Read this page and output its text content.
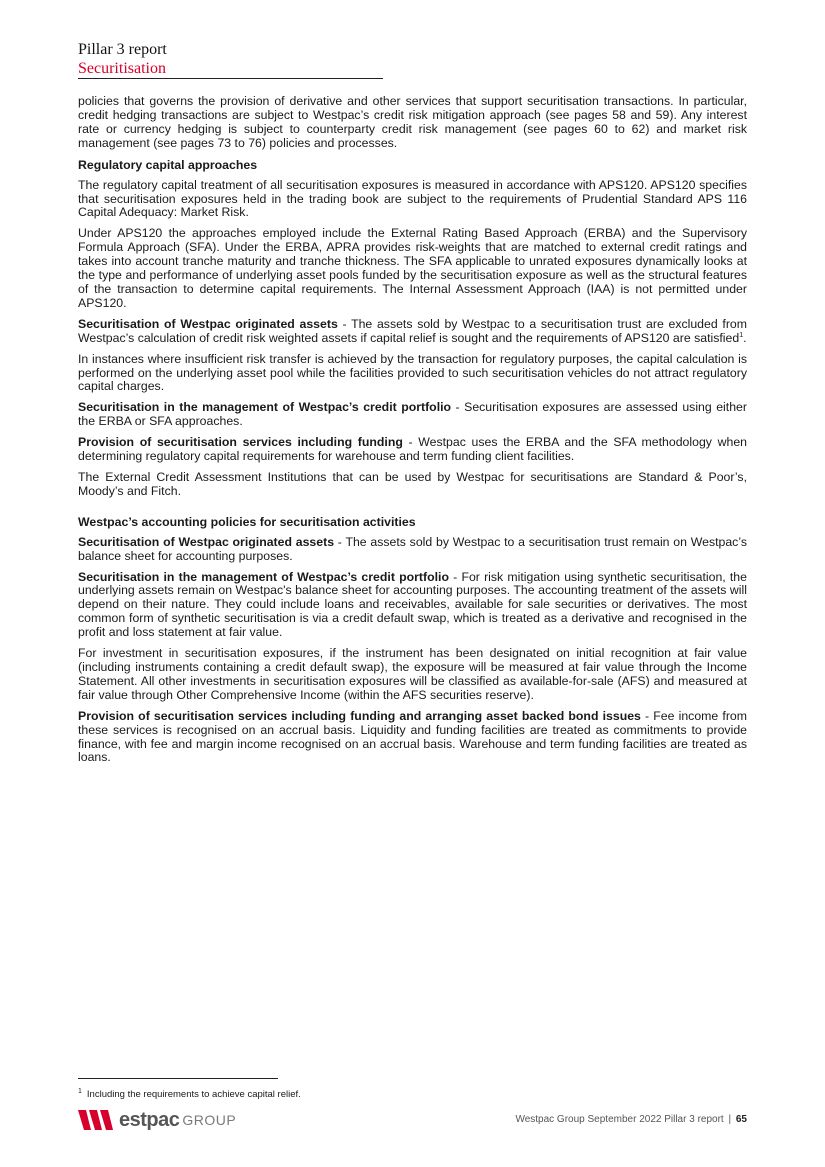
Pillar 3 report
Securitisation

policies that governs the provision of derivative and other services that support securitisation transactions. In particular, credit hedging transactions are subject to Westpac’s credit risk mitigation approach (see pages 58 and 59). Any interest rate or currency hedging is subject to counterparty credit risk management (see pages 60 to 62) and market risk management (see pages 73 to 76) policies and processes.

Regulatory capital approaches

The regulatory capital treatment of all securitisation exposures is measured in accordance with APS120. APS120 specifies that securitisation exposures held in the trading book are subject to the requirements of Prudential Standard APS 116 Capital Adequacy: Market Risk.

Under APS120 the approaches employed include the External Rating Based Approach (ERBA) and the Supervisory Formula Approach (SFA). Under the ERBA, APRA provides risk-weights that are matched to external credit ratings and takes into account tranche maturity and tranche thickness. The SFA applicable to unrated exposures dynamically looks at the type and performance of underlying asset pools funded by the securitisation exposure as well as the structural features of the transaction to determine capital requirements. The Internal Assessment Approach (IAA) is not permitted under APS120.

Securitisation of Westpac originated assets - The assets sold by Westpac to a securitisation trust are excluded from Westpac’s calculation of credit risk weighted assets if capital relief is sought and the requirements of APS120 are satisfied$^1$.

In instances where insufficient risk transfer is achieved by the transaction for regulatory purposes, the capital calculation is performed on the underlying asset pool while the facilities provided to such securitisation vehicles do not attract regulatory capital charges.

Securitisation in the management of Westpac’s credit portfolio - Securitisation exposures are assessed using either the ERBA or SFA approaches.

Provision of securitisation services including funding - Westpac uses the ERBA and the SFA methodology when determining regulatory capital requirements for warehouse and term funding client facilities.

The External Credit Assessment Institutions that can be used by Westpac for securitisations are Standard & Poor’s, Moody’s and Fitch.

Westpac’s accounting policies for securitisation activities

Securitisation of Westpac originated assets - The assets sold by Westpac to a securitisation trust remain on Westpac’s balance sheet for accounting purposes.

Securitisation in the management of Westpac’s credit portfolio - For risk mitigation using synthetic securitisation, the underlying assets remain on Westpac's balance sheet for accounting purposes. The accounting treatment of the assets will depend on their nature. They could include loans and receivables, available for sale securities or derivatives. The most common form of synthetic securitisation is via a credit default swap, which is treated as a derivative and recognised in the profit and loss statement at fair value.

For investment in securitisation exposures, if the instrument has been designated on initial recognition at fair value (including instruments containing a credit default swap), the exposure will be measured at fair value through the Income Statement. All other investments in securitisation exposures will be classified as available-for-sale (AFS) and measured at fair value through Other Comprehensive Income (within the AFS securities reserve).

Provision of securitisation services including funding and arranging asset backed bond issues - Fee income from these services is recognised on an accrual basis. Liquidity and funding facilities are treated as commitments to provide finance, with fee and margin income recognised on an accrual basis. Warehouse and term funding facilities are treated as loans.

$^1$ Including the requirements to achieve capital relief.
estpac GROUP	Westpac Group September 2022 Pillar 3 report | 65
